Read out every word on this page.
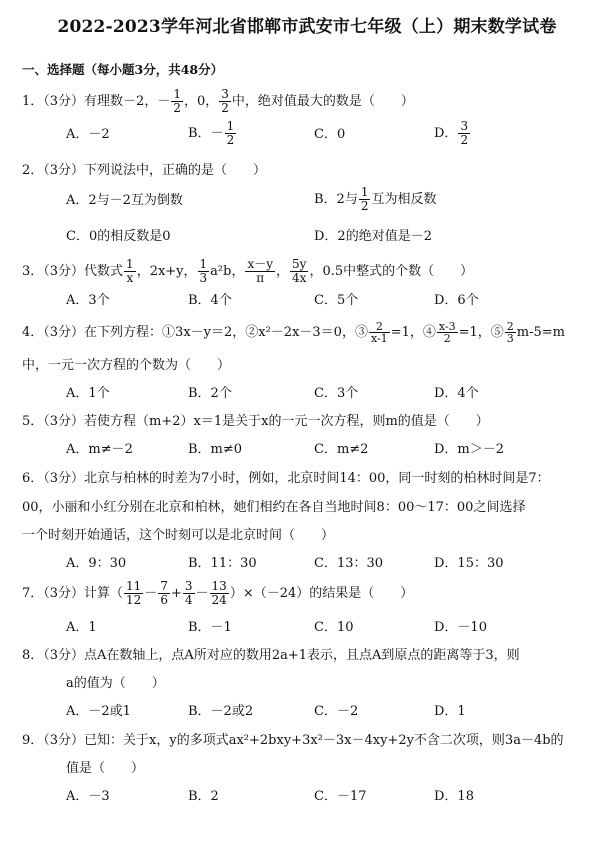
2022-2023学年河北省邯郸市武安市七年级（上）期末数学试卷
一、选择题（每小题3分，共48分）
1．（3分）有理数－2，－ $\frac{1}{2}$ ，0， $\frac{3}{2}$ 中，绝对值最大的数是（　　）
A．－2	B．－ $\frac{1}{2}$	C．0	D． $\frac{3}{2}$
2．（3分）下列说法中，正确的是（　　）
A．2与－2互为倒数	B．2与 $\frac{1}{2}$ 互为相反数
C．0的相反数是0	D．2的绝对值是－2
3．（3分）代数式 $\frac{1}{x}$ ，2x+y， $\frac{1}{3} a^2b$， $\frac{x-y}{\pi}$ ， $\frac{5y}{4x}$ ，0.5中整式的个数（　　）
A．3个	B．4个	C．5个	D．6个
4．（3分）在下列方程：①3x－y＝2，②x²－2x－3＝0，③ $\frac{2}{x-1} =1$，④ $\frac{x-3}{2} =1$，⑤ $\frac{2}{3} m-5=m$
中，一元一次方程的个数为（　　）
A．1个	B．2个	C．3个	D．4个
5．（3分）若使方程（m+2）x＝1是关于x的一元一次方程，则m的值是（　　）
A．m≠－2	B．m≠0	C．m≠2	D．m＞－2
6．（3分）北京与柏林的时差为7小时，例如，北京时间14：00，同一时刻的柏林时间是7：
00，小丽和小红分别在北京和柏林，她们相约在各自当地时间8：00～17：00之间选择
一个时刻开始通话，这个时刻可以是北京时间（　　）
A．9：30	B．11：30	C．13：30	D．15：30
7．（3分）计算（ $\frac{11}{12} - \frac{7}{6} + \frac{3}{4} - \frac{13}{24} )\times(-24)$的结果是（　　）
A．1	B．－1	C．10	D．－10
8．（3分）点A在数轴上，点A所对应的数用2a+1表示，且点A到原点的距离等于3，则
a的值为（　　）
A．－2或1	B．－2或2	C．－2	D．1
9．（3分）已知：关于x，y的多项式ax²+2bxy+3x²－3x－4xy+2y不含二次项，则3a－4b的
值是（　　）
A．－3	B．2	C．－17	D．18
